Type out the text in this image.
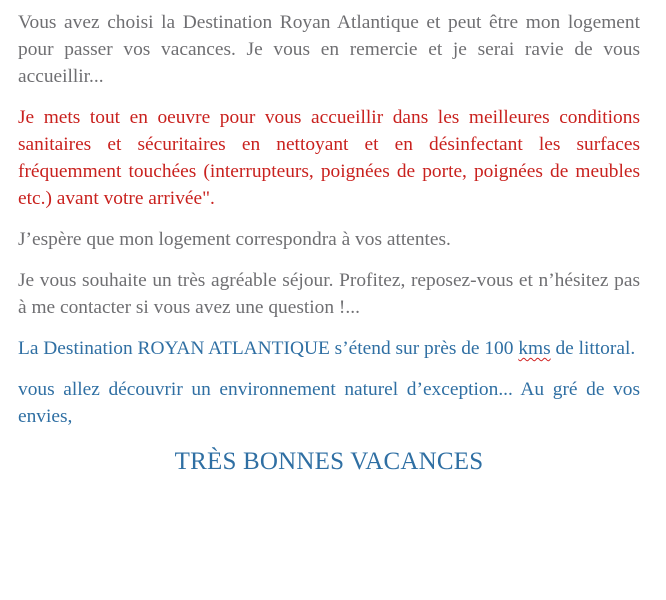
Vous avez choisi la Destination Royan Atlantique et peut être mon logement pour passer vos vacances. Je vous en remercie et je serai ravie de vous accueillir...

Je mets tout en oeuvre pour vous accueillir dans les meilleures conditions sanitaires et sécuritaires en nettoyant et en désinfectant les surfaces fréquemment touchées (interrupteurs, poignées de porte, poignées de meubles etc.) avant votre arrivée".

J’espère que mon logement correspondra à vos attentes.

Je vous souhaite un très agréable séjour. Profitez, reposez-vous et n’hésitez pas à me contacter si vous avez une question !...

La Destination ROYAN ATLANTIQUE s’étend sur près de 100 kms de littoral.

vous allez découvrir un environnement naturel d’exception... Au gré de vos envies,

TRÈS BONNES VACANCES
